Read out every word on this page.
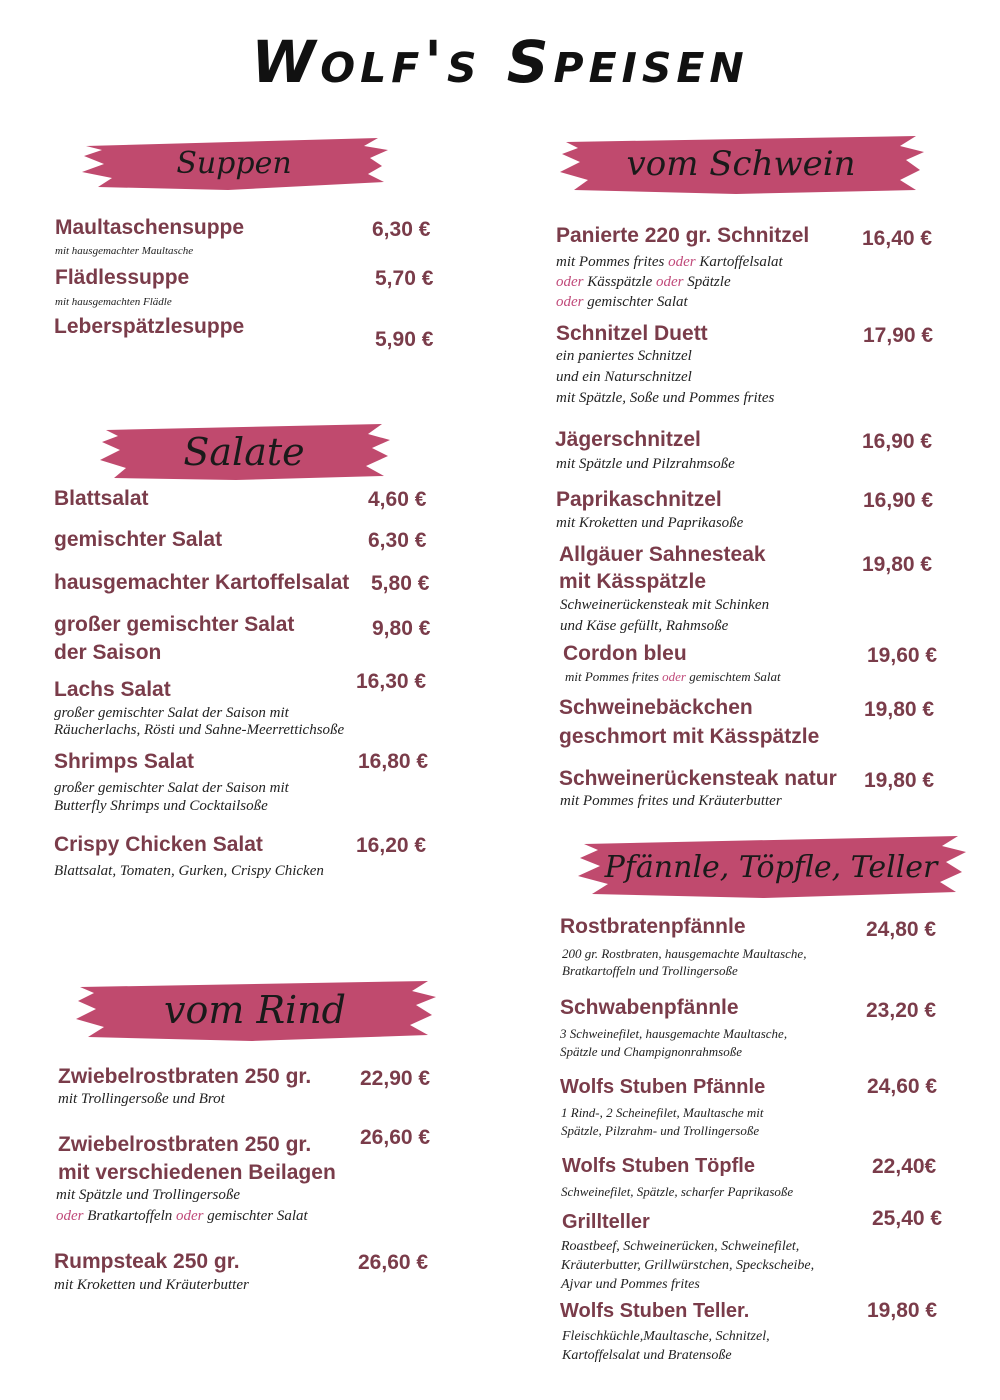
Wolf's Speisen
Suppen
Salate
vom Rind
vom Schwein
Pfännle, Töpfle, Teller
Maultaschensuppe
mit hausgemachter Maultasche
6,30 €
Flädlessuppe
mit hausgemachten Flädle
5,70 €
Leberspätzlesuppe
5,90 €
Blattsalat	4,60 €
gemischter Salat	6,30 €
hausgemachter Kartoffelsalat 5,80 €
großer gemischter Salat
der Saison
9,80 €
Lachs Salat
großer gemischter Salat der Saison mit
Räucherlachs, Rösti und Sahne-Meerrettichsoße
16,30 €
Shrimps Salat
großer gemischter Salat der Saison mit
Butterfly Shrimps und Cocktailsoße
16,80 €
Crispy Chicken Salat
Blattsalat, Tomaten, Gurken, Crispy Chicken
16,20 €
Zwiebelrostbraten 250 gr.
mit Trollingersoße und Brot
22,90 €
Zwiebelrostbraten 250 gr.
mit verschiedenen Beilagen
mit Spätzle und Trollingersoße
oder Bratkartoffeln oder gemischter Salat
26,60 €
Rumpsteak 250 gr.
mit Kroketten und Kräuterbutter
26,60 €
Panierte 220 gr. Schnitzel
mit Pommes frites oder Kartoffelsalat
oder Kässpätzle oder Spätzle
oder gemischter Salat
16,40 €
Schnitzel Duett
ein paniertes Schnitzel
und ein Naturschnitzel
mit Spätzle, Soße und Pommes frites
17,90 €
Jägerschnitzel
mit Spätzle und Pilzrahmsoße
16,90 €
Paprikaschnitzel
mit Kroketten und Paprikasoße
16,90 €
Allgäuer Sahnesteak
mit Kässpätzle
Schweinerückensteak mit Schinken
und Käse gefüllt, Rahmsoße
19,80 €
Cordon bleu
mit Pommes frites oder gemischtem Salat
19,60 €
Schweinebäckchen
geschmort mit Kässpätzle
19,80 €
Schweinerückensteak natur
mit Pommes frites und Kräuterbutter
19,80 €
Rostbratenpfännle
200 gr. Rostbraten, hausgemachte Maultasche,
Bratkartoffeln und Trollingersoße
24,80 €
Schwabenpfännle
3 Schweinefilet, hausgemachte Maultasche,
Spätzle und Champignonrahmsoße
23,20 €
Wolfs Stuben Pfännle
1 Rind-, 2 Scheinefilet, Maultasche mit
Spätzle, Pilzrahm- und Trollingersoße
24,60 €
Wolfs Stuben Töpfle
Schweinefilet, Spätzle, scharfer Paprikasoße
22,40€
Grillteller
Roastbeef, Schweinerücken, Schweinefilet,
Kräuterbutter, Grillwürstchen, Speckscheibe,
Ajvar und Pommes frites
25,40 €
Wolfs Stuben Teller.
Fleischküchle,Maultasche, Schnitzel,
Kartoffelsalat und Bratensoße
19,80 €
